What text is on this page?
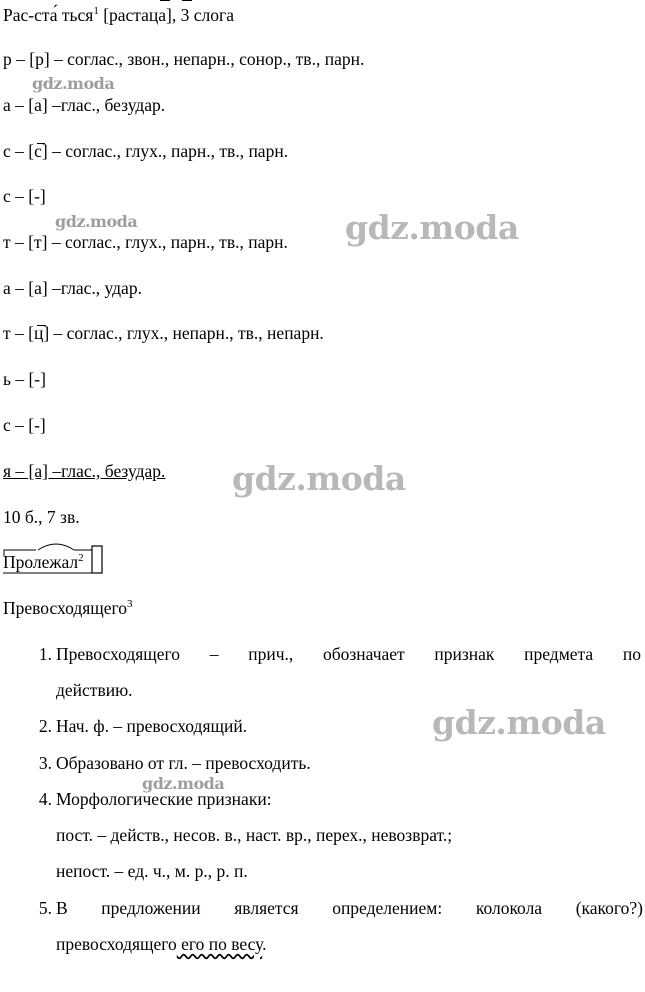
Рас-ста́ ться$^1$ [растаца], 3 слога
р – [р] – соглас., звон., непарн., сонор., тв., парн.
а – [а] –глас., безудар.
с – [с] – соглас., глух., парн., тв., парн.
с – [-]
т – [т] – соглас., глух., парн., тв., парн.
а – [а] –глас., удар.
т – [ц] – соглас., глух., непарн., тв., непарн.
ь – [-]
с – [-]
я – [а] –глас., безудар.
10 б., 7 зв.
Пролежал$^2$
Превосходящего$^3$
1. Превосходящего – прич., обозначает признак предмета по
действию.
2. Нач. ф. – превосходящий.
3. Образовано от гл. – превосходить.
4. Морфологические признаки:
пост. – действ., несов. в., наст. вр., перех., невозврат.;
непост. – ед. ч., м. р., р. п.
5. В предложении является определением: колокола (какого?)
превосходящего его по весу.
gdz.moda
gdz.moda	gdz.moda
gdz.moda
gdz.moda
gdz.moda
